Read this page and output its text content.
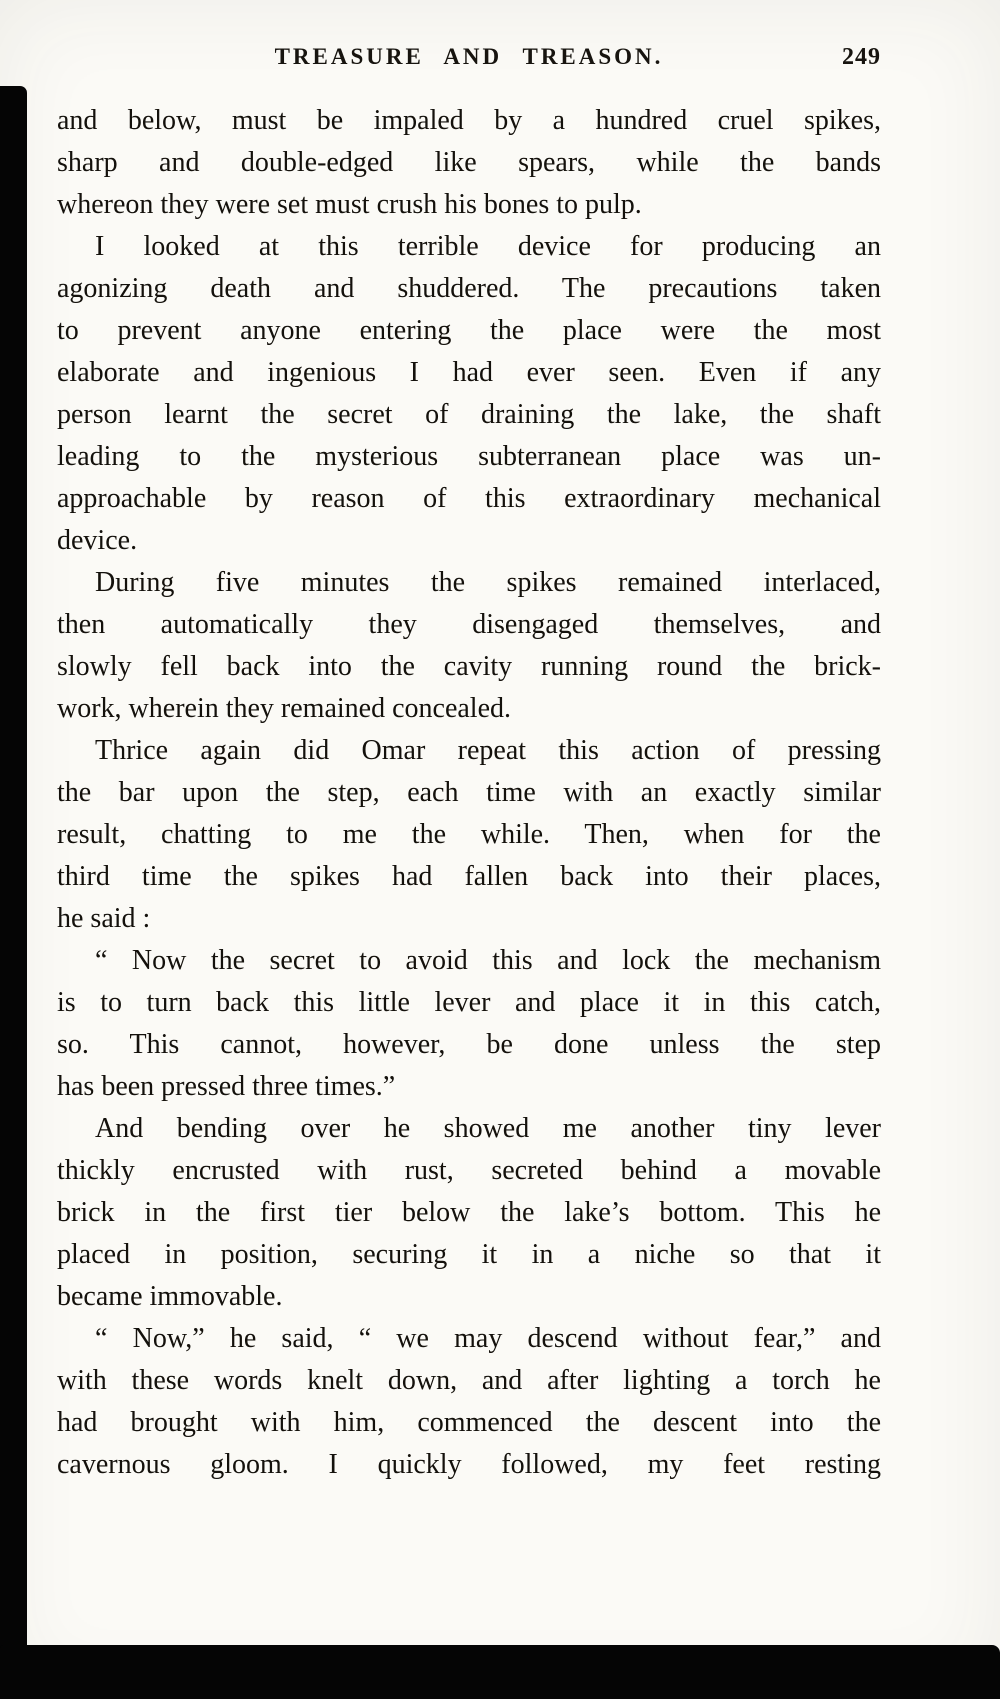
TREASURE AND TREASON.	249
and below, must be impaled by a hundred cruel spikes,
sharp and double-edged like spears, while the bands
whereon they were set must crush his bones to pulp.
I looked at this terrible device for producing an
agonizing death and shuddered. The precautions taken
to prevent anyone entering the place were the most
elaborate and ingenious I had ever seen. Even if any
person learnt the secret of draining the lake, the shaft
leading to the mysterious subterranean place was un-
approachable by reason of this extraordinary mechanical
device.
During five minutes the spikes remained interlaced,
then automatically they disengaged themselves, and
slowly fell back into the cavity running round the brick-
work, wherein they remained concealed.
Thrice again did Omar repeat this action of pressing
the bar upon the step, each time with an exactly similar
result, chatting to me the while. Then, when for the
third time the spikes had fallen back into their places,
he said :
“ Now the secret to avoid this and lock the mechanism
is to turn back this little lever and place it in this catch,
so. This cannot, however, be done unless the step
has been pressed three times.”
And bending over he showed me another tiny lever
thickly encrusted with rust, secreted behind a movable
brick in the first tier below the lake’s bottom. This he
placed in position, securing it in a niche so that it
became immovable.
“ Now,” he said, “ we may descend without fear,” and
with these words knelt down, and after lighting a torch he
had brought with him, commenced the descent into the
cavernous gloom. I quickly followed, my feet resting
